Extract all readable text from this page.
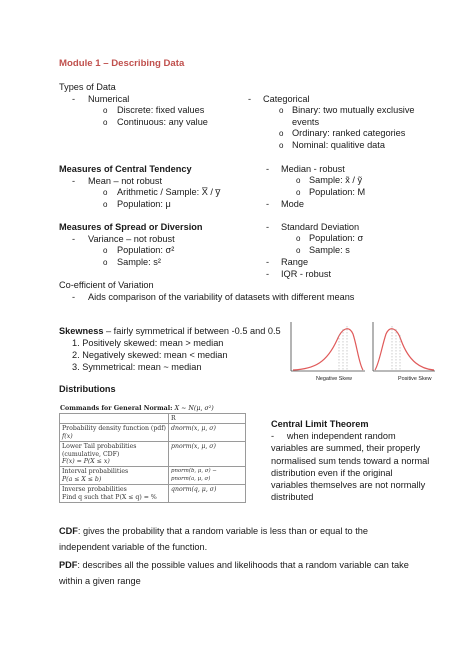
Module 1 – Describing Data
Types of Data
- Numerical
o Discrete: fixed values
o Continuous: any value
- Categorical
o Binary: two mutually exclusive
events
o Ordinary: ranked categories
o Nominal: qualitive data
Measures of Central Tendency
- Mean – not robust
o Arithmetic / Sample: X̅ / y̅
o Population: μ
- Median - robust
o Sample: x̃ / ỹ
o Population: M
- Mode
Measures of Spread or Diversion
- Variance – not robust
o Population: σ²
o Sample: s²
- Standard Deviation
o Population: σ
o Sample: s
- Range
- IQR - robust
Co-efficient of Variation
- Aids comparison of the variability of datasets with different means
Skewness – fairly symmetrical if between -0.5 and 0.5
1. Positively skewed: mean > median
2. Negatively skewed: mean < median
3. Symmetrical: mean ~ median
Negative Skew	Positive Skew
Distributions
Commands for General Normal: X ∼ N(μ, σ²)
	R

Probability density function (pdf)
f(x)	dnorm(x, μ, σ)

Lower Tail probabilities
(cumulative, CDF)
F(x) = P(X ≤ x)	pnorm(x, μ, σ)

Interval probabilities
P(a ≤ X ≤ b)	pnorm(b, μ, σ) − pnorm(a, μ, σ)

Inverse probabilities
Find q such that P(X ≤ q) = %	qnorm(q, μ, σ)
Central Limit Theorem
-     when independent random variables are summed, their properly normalised sum tends toward a normal distribution even if the original variables themselves are not normally distributed
CDF: gives the probability that a random variable is less than or equal to the independent variable of the function.
PDF: describes all the possible values and likelihoods that a random variable can take within a given range
